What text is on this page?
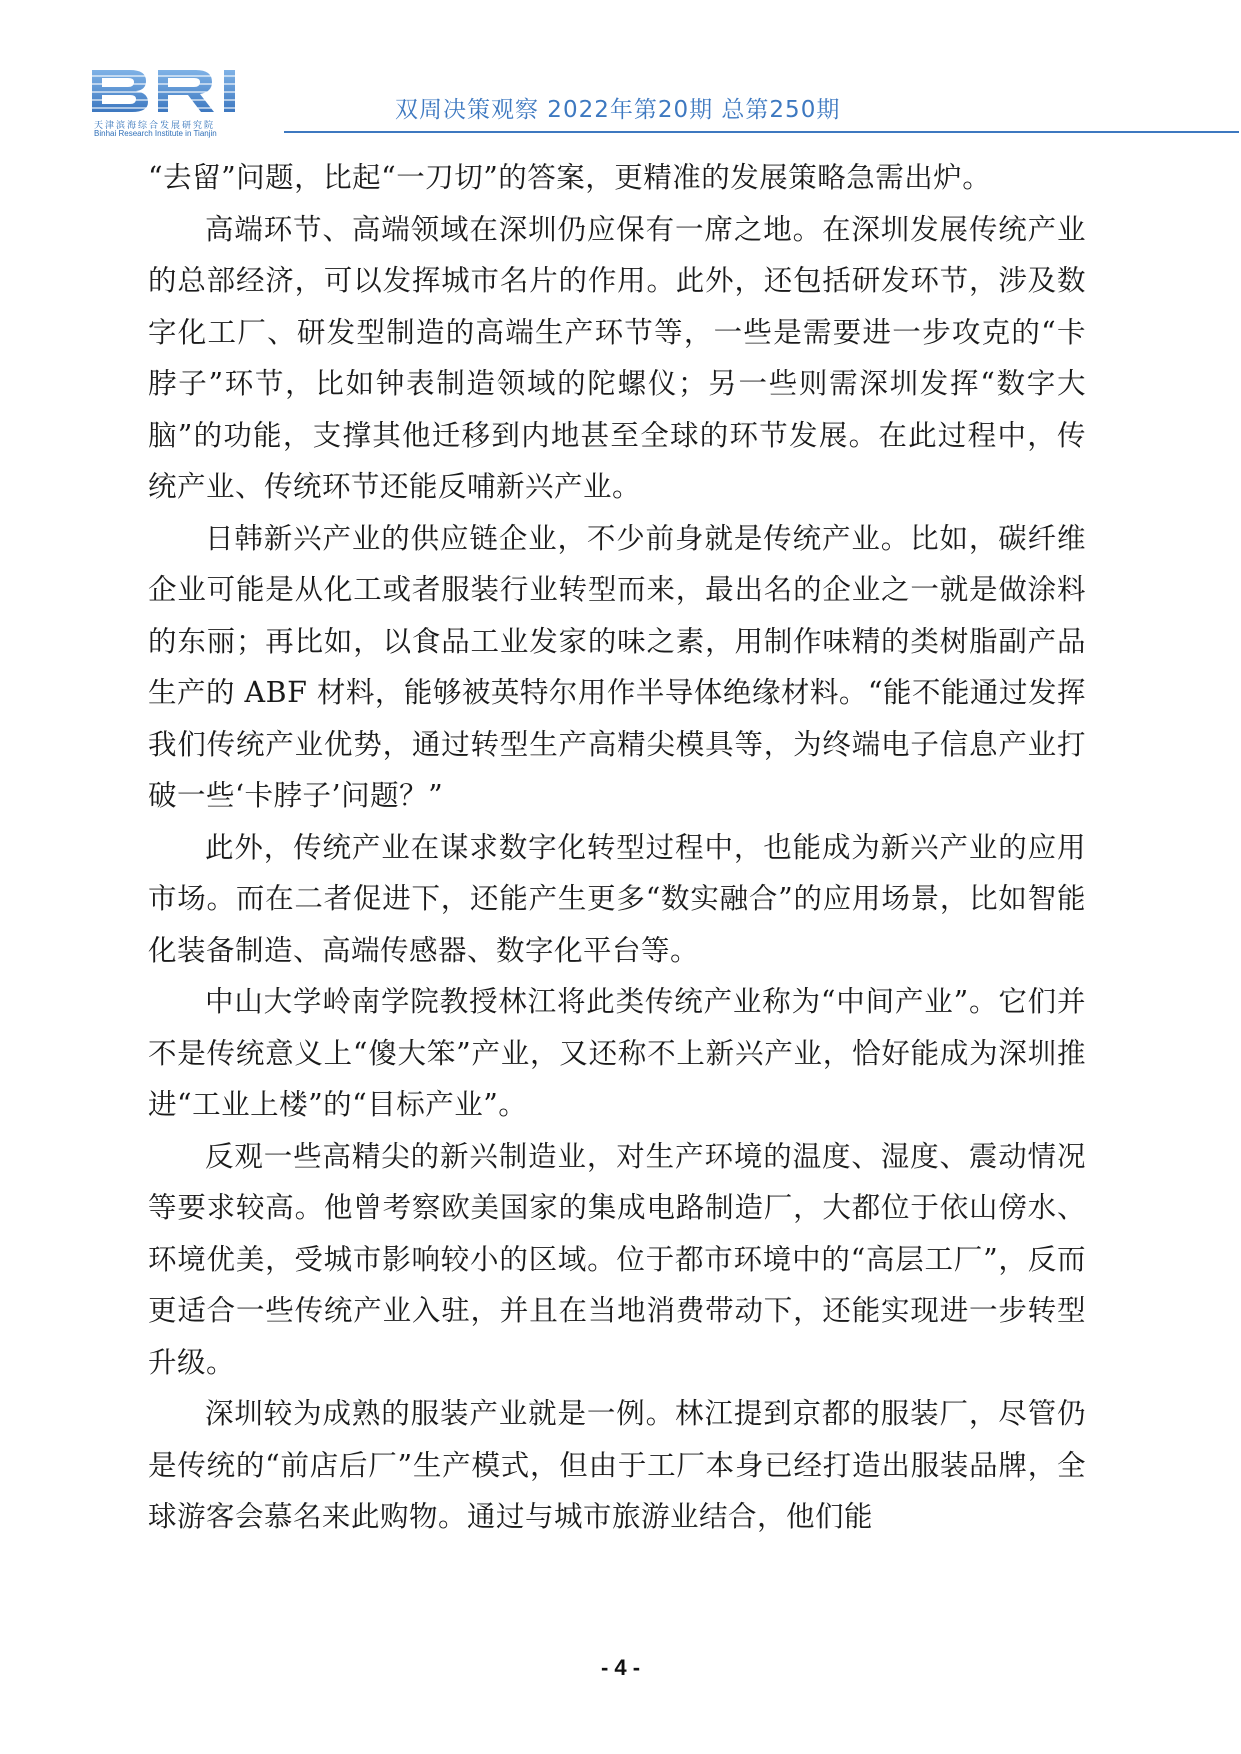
天津滨海综合发展研究院
Binhai Research Institute in Tianjin
双周决策观察 2022年第20期 总第250期

“去留”问题，比起“一刀切”的答案，更精准的发展策略急需出炉。

高端环节、高端领域在深圳仍应保有一席之地。在深圳发展传统产业的总部经济，可以发挥城市名片的作用。此外，还包括研发环节，涉及数字化工厂、研发型制造的高端生产环节等，一些是需要进一步攻克的“卡脖子”环节，比如钟表制造领域的陀螺仪；另一些则需深圳发挥“数字大脑”的功能，支撑其他迁移到内地甚至全球的环节发展。在此过程中，传统产业、传统环节还能反哺新兴产业。

日韩新兴产业的供应链企业，不少前身就是传统产业。比如，碳纤维企业可能是从化工或者服装行业转型而来，最出名的企业之一就是做涂料的东丽；再比如，以食品工业发家的味之素，用制作味精的类树脂副产品生产的 ABF 材料，能够被英特尔用作半导体绝缘材料。“能不能通过发挥我们传统产业优势，通过转型生产高精尖模具等，为终端电子信息产业打破一些‘卡脖子’问题？”

此外，传统产业在谋求数字化转型过程中，也能成为新兴产业的应用市场。而在二者促进下，还能产生更多“数实融合”的应用场景，比如智能化装备制造、高端传感器、数字化平台等。

中山大学岭南学院教授林江将此类传统产业称为“中间产业”。它们并不是传统意义上“傻大笨”产业，又还称不上新兴产业，恰好能成为深圳推进“工业上楼”的“目标产业”。

反观一些高精尖的新兴制造业，对生产环境的温度、湿度、震动情况等要求较高。他曾考察欧美国家的集成电路制造厂，大都位于依山傍水、环境优美，受城市影响较小的区域。位于都市环境中的“高层工厂”，反而更适合一些传统产业入驻，并且在当地消费带动下，还能实现进一步转型升级。

深圳较为成熟的服装产业就是一例。林江提到京都的服装厂，尽管仍是传统的“前店后厂”生产模式，但由于工厂本身已经打造出服装品牌，全球游客会慕名来此购物。通过与城市旅游业结合，他们能

- 4 -
